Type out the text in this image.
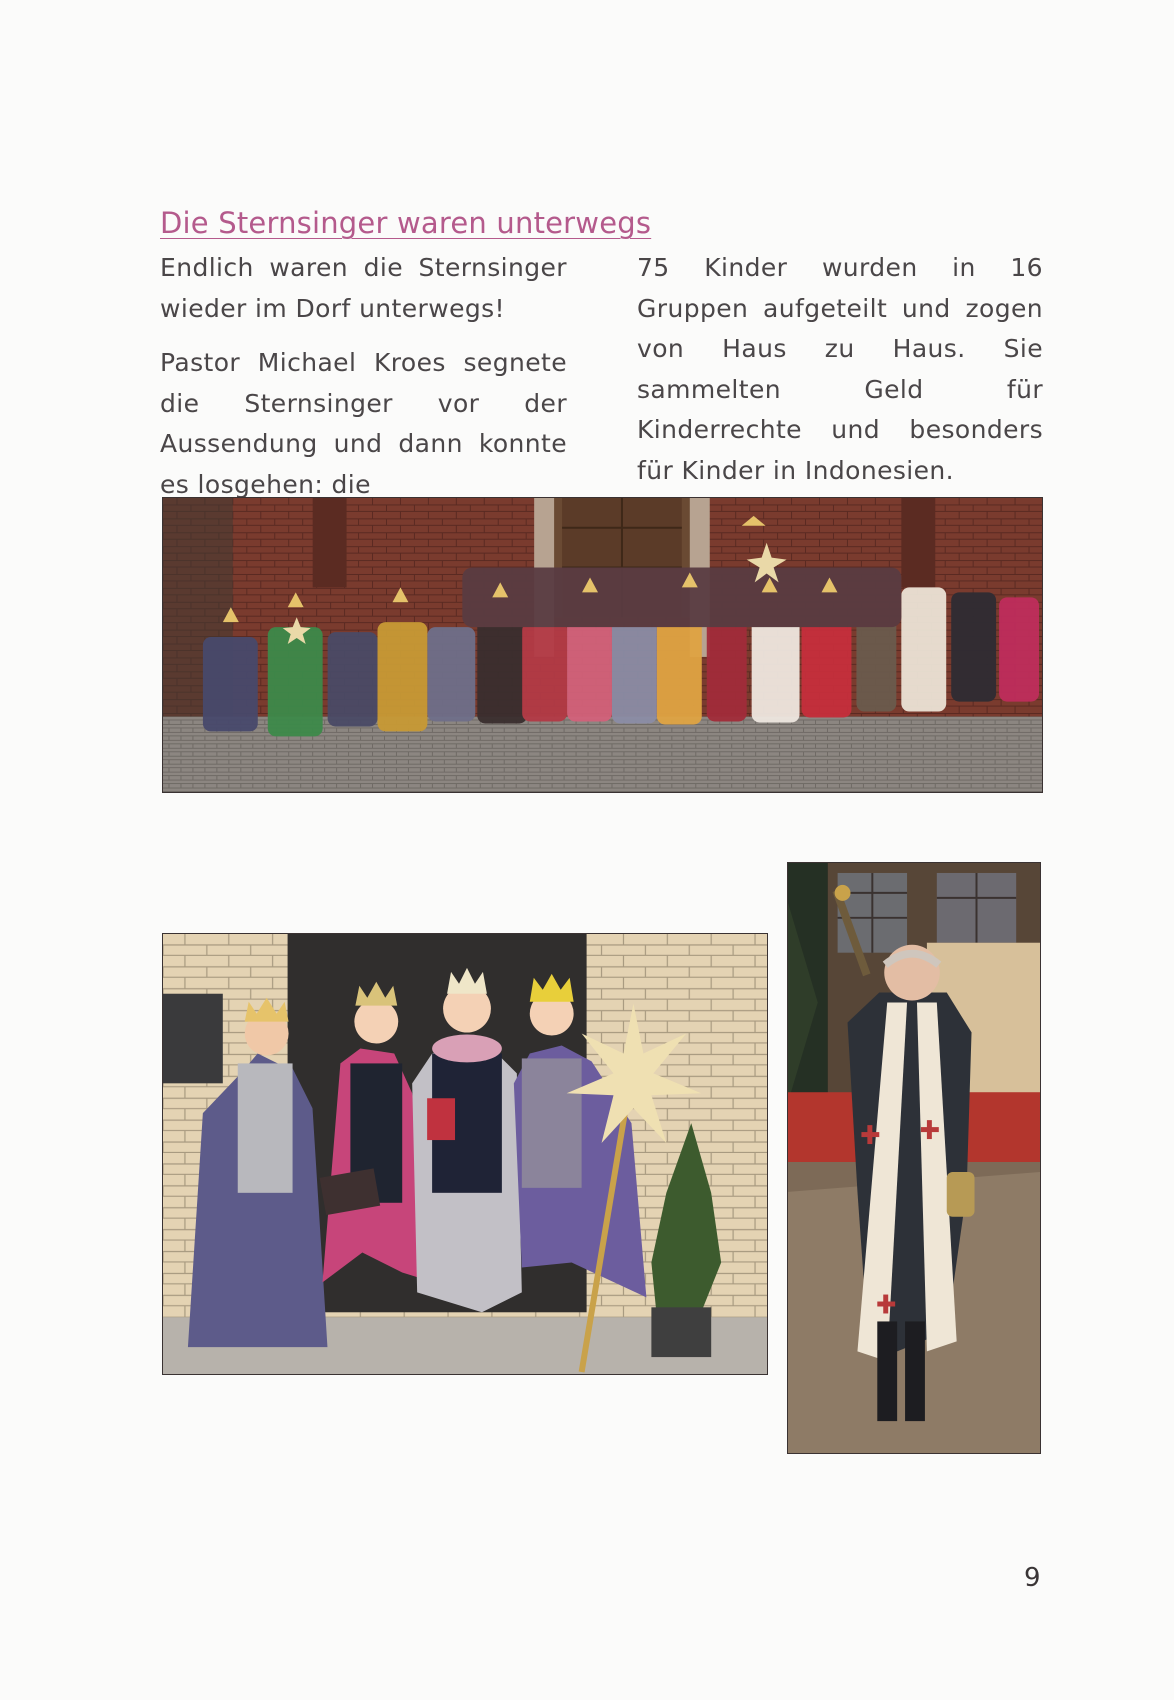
Die Sternsinger waren unterwegs

Endlich waren die Sternsinger wieder im Dorf unterwegs!

Pastor Michael Kroes segnete die Sternsinger vor der Aussendung und dann konnte es losgehen: die

75 Kinder wurden in 16 Gruppen aufgeteilt und zogen von Haus zu Haus. Sie sammelten Geld für Kinderrechte und besonders für Kinder in Indonesien.

9
